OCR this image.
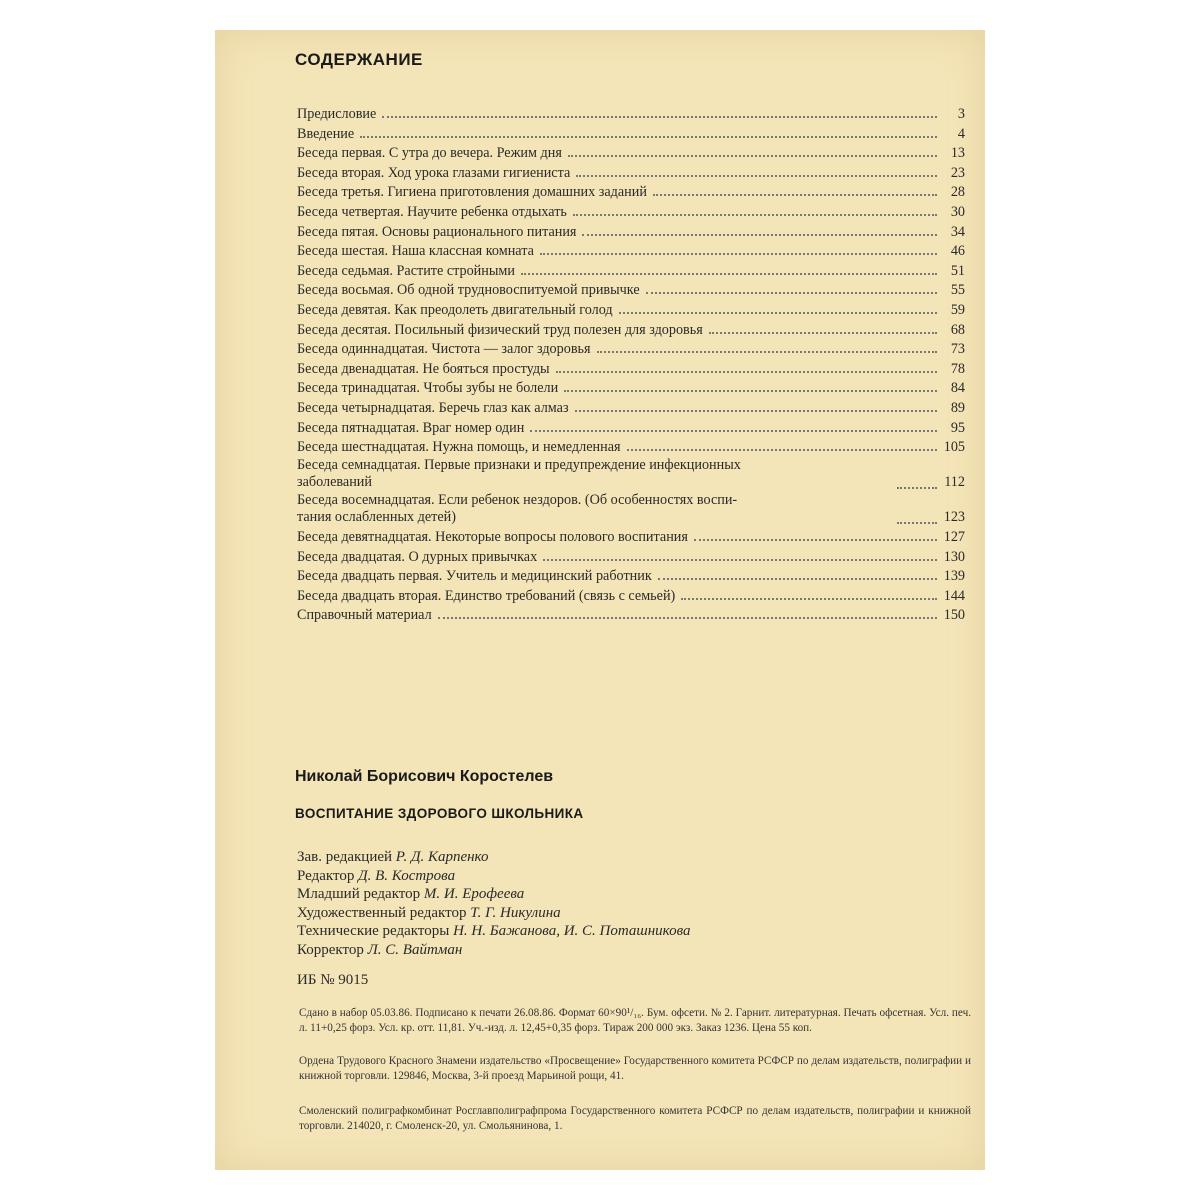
СОДЕРЖАНИЕ
Предисловие	3
Введение	4
Беседа первая. С утра до вечера. Режим дня	13
Беседа вторая. Ход урока глазами гигиениста	23
Беседа третья. Гигиена приготовления домашних заданий	28
Беседа четвертая. Научите ребенка отдыхать	30
Беседа пятая. Основы рационального питания	34
Беседа шестая. Наша классная комната	46
Беседа седьмая. Растите стройными	51
Беседа восьмая. Об одной трудновоспитуемой привычке	55
Беседа девятая. Как преодолеть двигательный голод	59
Беседа десятая. Посильный физический труд полезен для здоровья	68
Беседа одиннадцатая. Чистота — залог здоровья	73
Беседа двенадцатая. Не бояться простуды	78
Беседа тринадцатая. Чтобы зубы не болели	84
Беседа четырнадцатая. Беречь глаз как алмаз	89
Беседа пятнадцатая. Враг номер один	95
Беседа шестнадцатая. Нужна помощь, и немедленная	105
Беседа семнадцатая. Первые признаки и предупреждение инфекционных
заболеваний	112
Беседа восемнадцатая. Если ребенок нездоров. (Об особенностях воспи-
тания ослабленных детей)	123
Беседа девятнадцатая. Некоторые вопросы полового воспитания	127
Беседа двадцатая. О дурных привычках	130
Беседа двадцать первая. Учитель и медицинский работник	139
Беседа двадцать вторая. Единство требований (связь с семьей)	144
Справочный материал	150
Николай Борисович Коростелев
ВОСПИТАНИЕ ЗДОРОВОГО ШКОЛЬНИКА
Зав. редакцией Р. Д. Карпенко
Редактор Д. В. Кострова
Младший редактор М. И. Ерофеева
Художественный редактор Т. Г. Никулина
Технические редакторы Н. Н. Бажанова, И. С. Поташникова
Корректор Л. С. Вайтман
ИБ № 9015
Сдано в набор 05.03.86. Подписано к печати 26.08.86. Формат 60×90¹/₁₆. Бум. офсети. № 2. Гарнит. литературная. Печать офсетная. Усл. печ. л. 11+0,25 форз. Усл. кр. отт. 11,81. Уч.-изд. л. 12,45+0,35 форз. Тираж 200 000 экз. Заказ 1236. Цена 55 коп.
Ордена Трудового Красного Знамени издательство «Просвещение» Государственного комитета РСФСР по делам издательств, полиграфии и книжной торговли. 129846, Москва, 3-й проезд Марьиной рощи, 41.
Смоленский полиграфкомбинат Росглавполиграфпрома Государственного комитета РСФСР по делам издательств, полиграфии и книжной торговли. 214020, г. Смоленск-20, ул. Смольянинова, 1.
